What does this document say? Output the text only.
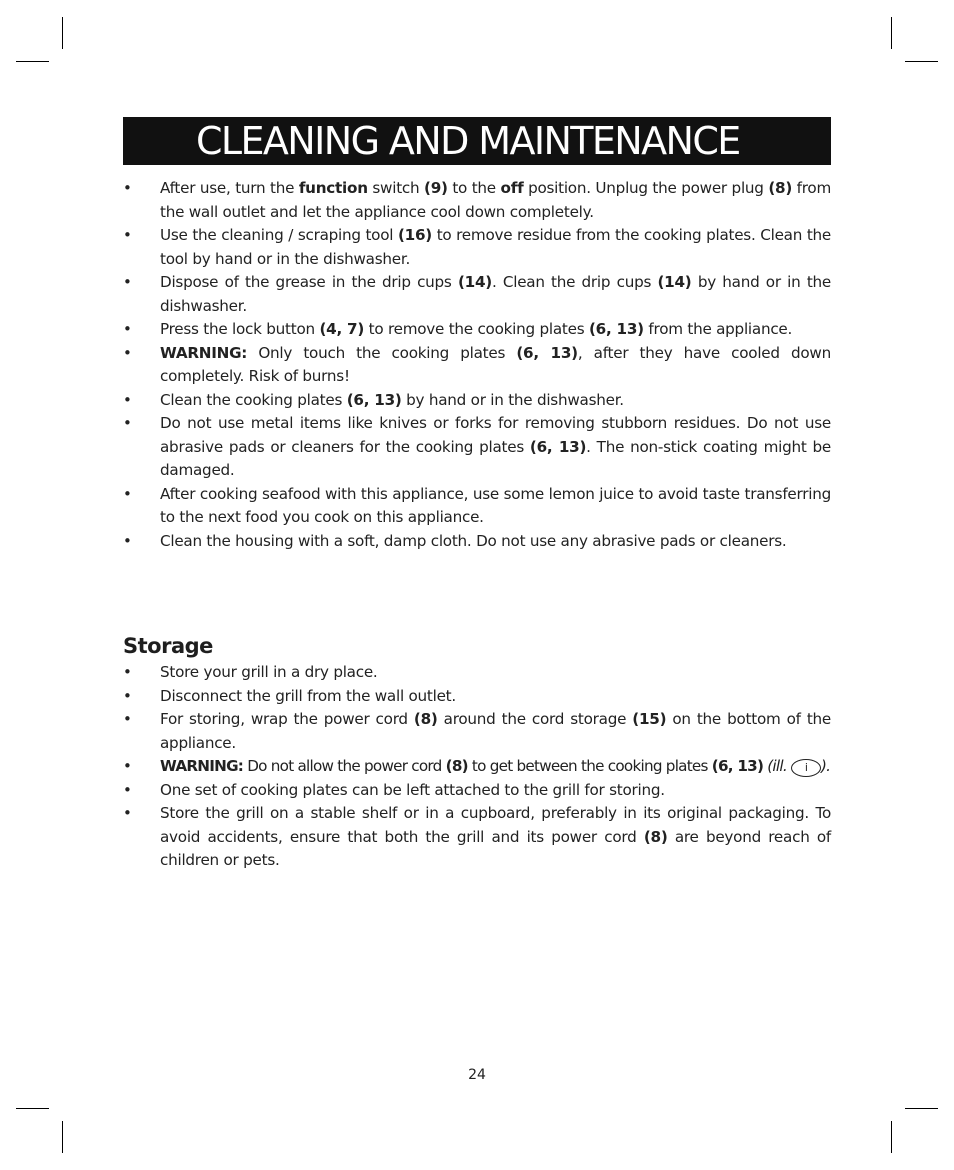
CLEANING AND MAINTENANCE
• After use, turn the function switch (9) to the off position. Unplug the power plug (8) from the wall outlet and let the appliance cool down completely.
• Use the cleaning / scraping tool (16) to remove residue from the cooking plates. Clean the tool by hand or in the dishwasher.
• Dispose of the grease in the drip cups (14). Clean the drip cups (14) by hand or in the dishwasher.
• Press the lock button (4, 7) to remove the cooking plates (6, 13) from the appliance.
• WARNING: Only touch the cooking plates (6, 13), after they have cooled down completely. Risk of burns!
• Clean the cooking plates (6, 13) by hand or in the dishwasher.
• Do not use metal items like knives or forks for removing stubborn residues. Do not use abrasive pads or cleaners for the cooking plates (6, 13). The non-stick coating might be damaged.
• After cooking seafood with this appliance, use some lemon juice to avoid taste transferring to the next food you cook on this appliance.
• Clean the housing with a soft, damp cloth. Do not use any abrasive pads or cleaners.
Storage
• Store your grill in a dry place.
• Disconnect the grill from the wall outlet.
• For storing, wrap the power cord (8) around the cord storage (15) on the bottom of the appliance.
• WARNING: Do not allow the power cord (8) to get between the cooking plates (6, 13) (ill. i ).
• One set of cooking plates can be left attached to the grill for storing.
• Store the grill on a stable shelf or in a cupboard, preferably in its original packaging. To avoid accidents, ensure that both the grill and its power cord (8) are beyond reach of children or pets.
24
